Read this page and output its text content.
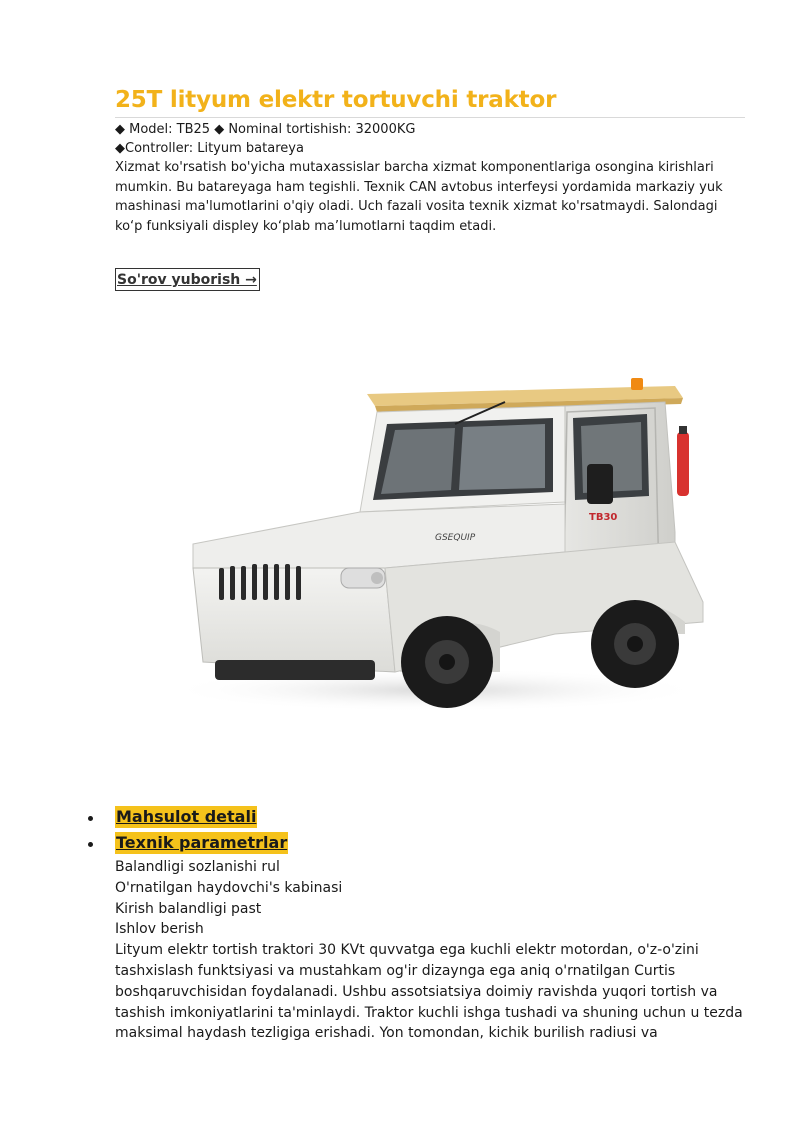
25T lityum elektr tortuvchi traktor
◆ Model: TB25 ◆ Nominal tortishish: 32000KG
◆Controller: Lityum batareya

Xizmat ko'rsatish bo'yicha mutaxassislar barcha xizmat komponentlariga osongina kirishlari mumkin. Bu batareyaga ham tegishli. Texnik CAN avtobus interfeysi yordamida markaziy yuk mashinasi ma'lumotlarini o'qiy oladi. Uch fazali vosita texnik xizmat ko'rsatmaydi. Salondagi ko‘p funksiyali displey ko‘plab ma’lumotlarni taqdim etadi.

So'rov yuborish →
TB30
GSEQUIP
Mahsulot detali
Texnik parametrlar
Balandligi sozlanishi rul
O'rnatilgan haydovchi's kabinasi
Kirish balandligi past
Ishlov berish

Lityum elektr tortish traktori 30 KVt quvvatga ega kuchli elektr motordan, o'z-o'zini tashxislash funktsiyasi va mustahkam og'ir dizaynga ega aniq o'rnatilgan Curtis boshqaruvchisidan foydalanadi. Ushbu assotsiatsiya doimiy ravishda yuqori tortish va tashish imkoniyatlarini ta'minlaydi. Traktor kuchli ishga tushadi va shuning uchun u tezda maksimal haydash tezligiga erishadi. Yon tomondan, kichik burilish radiusi va
